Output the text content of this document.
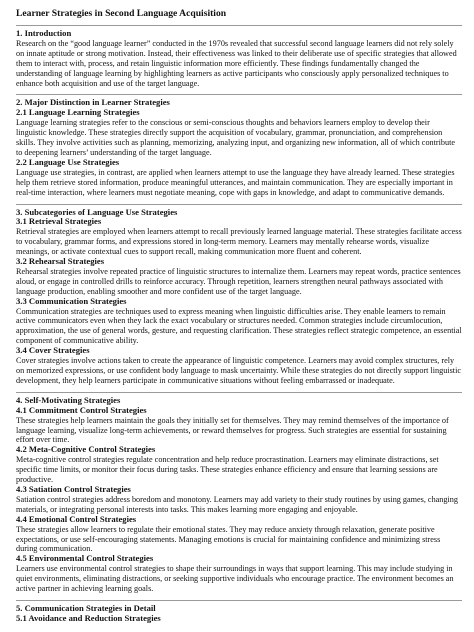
Learner Strategies in Second Language Acquisition
1. Introduction

Research on the “good language learner” conducted in the 1970s revealed that successful second language learners did not rely solely on innate aptitude or strong motivation. Instead, their effectiveness was linked to their deliberate use of specific strategies that allowed them to interact with, process, and retain linguistic information more efficiently. These findings fundamentally changed the understanding of language learning by highlighting learners as active participants who consciously apply personalized techniques to enhance both acquisition and use of the target language.

2. Major Distinction in Learner Strategies
2.1 Language Learning Strategies

Language learning strategies refer to the conscious or semi-conscious thoughts and behaviors learners employ to develop their linguistic knowledge. These strategies directly support the acquisition of vocabulary, grammar, pronunciation, and comprehension skills. They involve activities such as planning, memorizing, analyzing input, and organizing new information, all of which contribute to deepening learners’ understanding of the target language.

2.2 Language Use Strategies

Language use strategies, in contrast, are applied when learners attempt to use the language they have already learned. These strategies help them retrieve stored information, produce meaningful utterances, and maintain communication. They are especially important in real-time interaction, where learners must negotiate meaning, cope with gaps in knowledge, and adapt to communicative demands.

3. Subcategories of Language Use Strategies
3.1 Retrieval Strategies

Retrieval strategies are employed when learners attempt to recall previously learned language material. These strategies facilitate access to vocabulary, grammar forms, and expressions stored in long-term memory. Learners may mentally rehearse words, visualize meanings, or activate contextual cues to support recall, making communication more fluent and coherent.

3.2 Rehearsal Strategies

Rehearsal strategies involve repeated practice of linguistic structures to internalize them. Learners may repeat words, practice sentences aloud, or engage in controlled drills to reinforce accuracy. Through repetition, learners strengthen neural pathways associated with language production, enabling smoother and more confident use of the target language.

3.3 Communication Strategies

Communication strategies are techniques used to express meaning when linguistic difficulties arise. They enable learners to remain active communicators even when they lack the exact vocabulary or structures needed. Common strategies include circumlocution, approximation, the use of general words, gesture, and requesting clarification. These strategies reflect strategic competence, an essential component of communicative ability.

3.4 Cover Strategies

Cover strategies involve actions taken to create the appearance of linguistic competence. Learners may avoid complex structures, rely on memorized expressions, or use confident body language to mask uncertainty. While these strategies do not directly support linguistic development, they help learners participate in communicative situations without feeling embarrassed or inadequate.

4. Self-Motivating Strategies
4.1 Commitment Control Strategies

These strategies help learners maintain the goals they initially set for themselves. They may remind themselves of the importance of language learning, visualize long-term achievements, or reward themselves for progress. Such strategies are essential for sustaining effort over time.

4.2 Meta-Cognitive Control Strategies

Meta-cognitive control strategies regulate concentration and help reduce procrastination. Learners may eliminate distractions, set specific time limits, or monitor their focus during tasks. These strategies enhance efficiency and ensure that learning sessions are productive.

4.3 Satiation Control Strategies

Satiation control strategies address boredom and monotony. Learners may add variety to their study routines by using games, changing materials, or integrating personal interests into tasks. This makes learning more engaging and enjoyable.

4.4 Emotional Control Strategies

These strategies allow learners to regulate their emotional states. They may reduce anxiety through relaxation, generate positive expectations, or use self-encouraging statements. Managing emotions is crucial for maintaining confidence and minimizing stress during communication.

4.5 Environmental Control Strategies

Learners use environmental control strategies to shape their surroundings in ways that support learning. This may include studying in quiet environments, eliminating distractions, or seeking supportive individuals who encourage practice. The environment becomes an active partner in achieving learning goals.

5. Communication Strategies in Detail
5.1 Avoidance and Reduction Strategies
